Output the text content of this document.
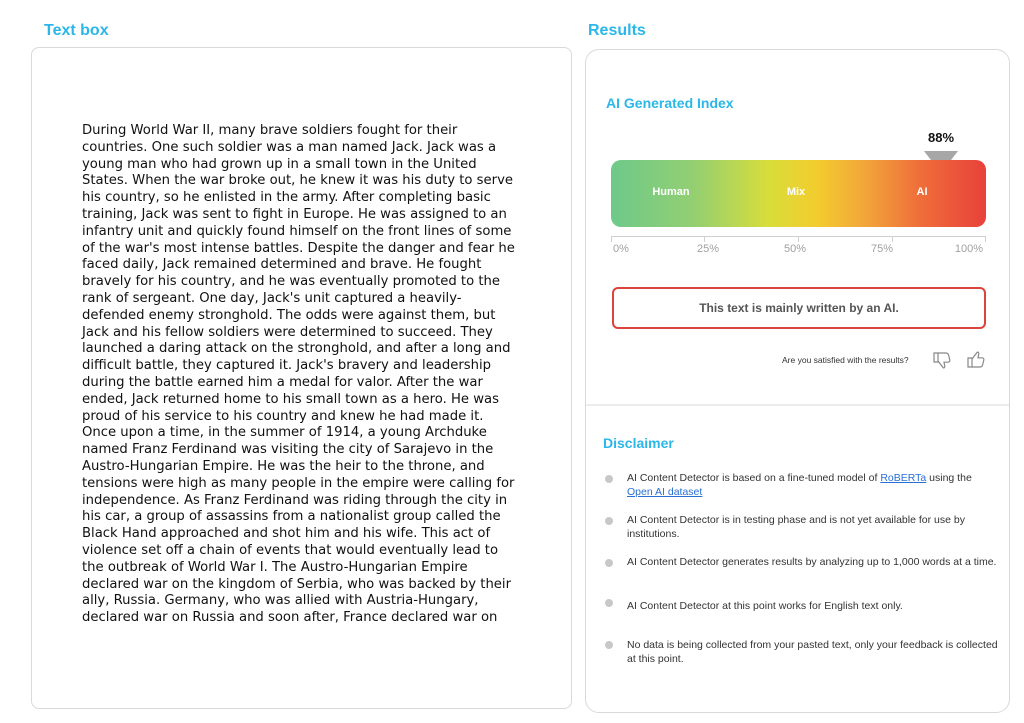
Text box	Results
During World War II, many brave soldiers fought for their countries. One such soldier was a man named Jack. Jack was a young man who had grown up in a small town in the United States. When the war broke out, he knew it was his duty to serve his country, so he enlisted in the army. After completing basic training, Jack was sent to fight in Europe. He was assigned to an infantry unit and quickly found himself on the front lines of some of the war's most intense battles. Despite the danger and fear he faced daily, Jack remained determined and brave. He fought bravely for his country, and he was eventually promoted to the rank of sergeant. One day, Jack's unit captured a heavily-defended enemy stronghold. The odds were against them, but Jack and his fellow soldiers were determined to succeed. They launched a daring attack on the stronghold, and after a long and difficult battle, they captured it. Jack's bravery and leadership during the battle earned him a medal for valor. After the war ended, Jack returned home to his small town as a hero. He was proud of his service to his country and knew he had made it. Once upon a time, in the summer of 1914, a young Archduke named Franz Ferdinand was visiting the city of Sarajevo in the Austro-Hungarian Empire. He was the heir to the throne, and tensions were high as many people in the empire were calling for independence. As Franz Ferdinand was riding through the city in his car, a group of assassins from a nationalist group called the Black Hand approached and shot him and his wife. This act of violence set off a chain of events that would eventually lead to the outbreak of World War I. The Austro-Hungarian Empire declared war on the kingdom of Serbia, who was backed by their ally, Russia. Germany, who was allied with Austria-Hungary, declared war on Russia and soon after, France declared war on
AI Generated Index
88%
Human	Mix	AI
0%	25%	50%	75%	100%
This text is mainly written by an AI.
Are you satisfied with the results?
Disclaimer
AI Content Detector is based on a fine-tuned model of RoBERTa using the
Open AI dataset
AI Content Detector is in testing phase and is not yet available for use by institutions.
AI Content Detector generates results by analyzing up to 1,000 words at a time.
AI Content Detector at this point works for English text only.
No data is being collected from your pasted text, only your feedback is collected at this point.
